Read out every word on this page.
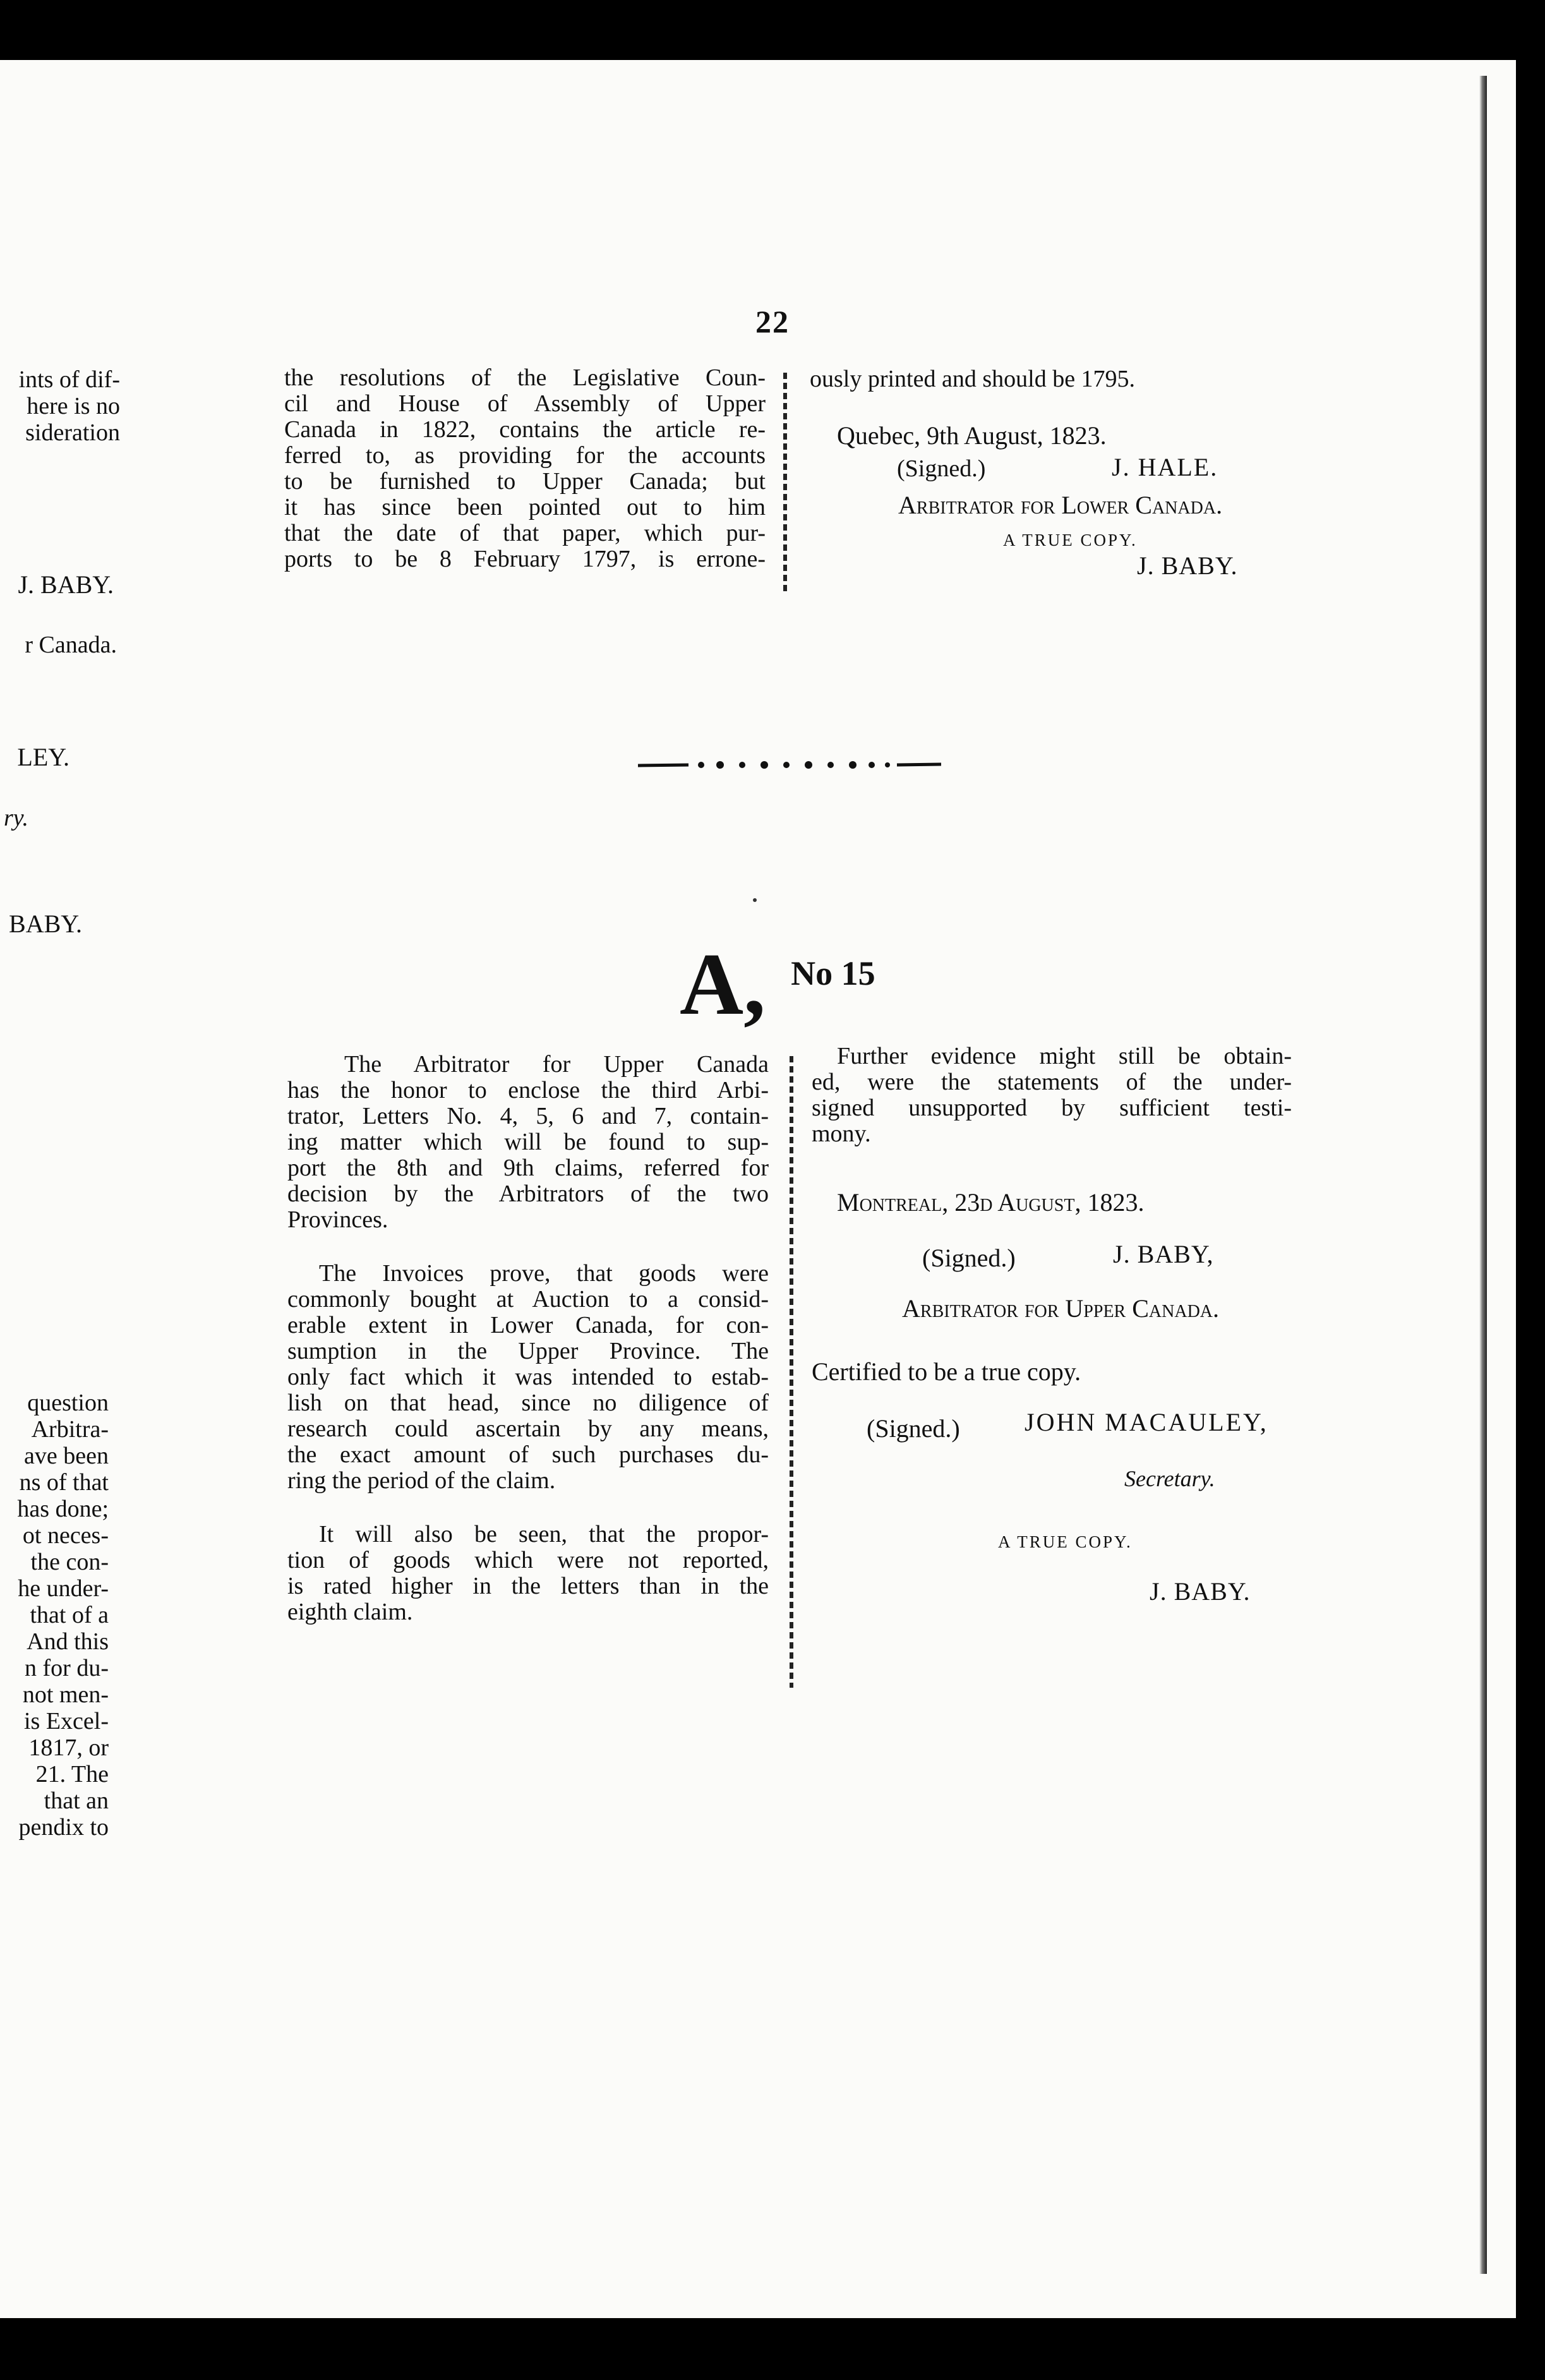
22
ints of dif-
here is no
sideration
J. BABY.
r Canada.
LEY.
ry.
BABY.
question
Arbitra-
ave been
ns of that
has done;
ot neces-
the con-
he under-
that of a
And this
n for du-
not men-
is Excel-
1817, or
21. The
that an
pendix to
the resolutions of the Legislative Coun-
cil and House of Assembly of Upper
Canada in 1822, contains the article re-
ferred to, as providing for the accounts
to be furnished to Upper Canada; but
it has since been pointed out to him
that the date of that paper, which pur-
ports to be 8 February 1797, is errone-
ously printed and should be 1795.
Quebec, 9th August, 1823.
(Signed.)	J. HALE.
Arbitrator for Lower Canada.
A TRUE COPY.
J. BABY.
A, No 15
The Arbitrator for Upper Canada
has the honor to enclose the third Arbi-
trator, Letters No. 4, 5, 6 and 7, contain-
ing matter which will be found to sup-
port the 8th and 9th claims, referred for
decision by the Arbitrators of the two
Provinces.
The Invoices prove, that goods were
commonly bought at Auction to a consid-
erable extent in Lower Canada, for con-
sumption in the Upper Province. The
only fact which it was intended to estab-
lish on that head, since no diligence of
research could ascertain by any means,
the exact amount of such purchases du-
ring the period of the claim.
It will also be seen, that the propor-
tion of goods which were not reported,
is rated higher in the letters than in the
eighth claim.
Further evidence might still be obtain-
ed, were the statements of the under-
signed unsupported by sufficient testi-
mony.
Montreal, 23d August, 1823.
(Signed.)	J. BABY,
Arbitrator for Upper Canada.
Certified to be a true copy.
(Signed.)	JOHN MACAULEY,
Secretary.
A TRUE COPY.
J. BABY.
